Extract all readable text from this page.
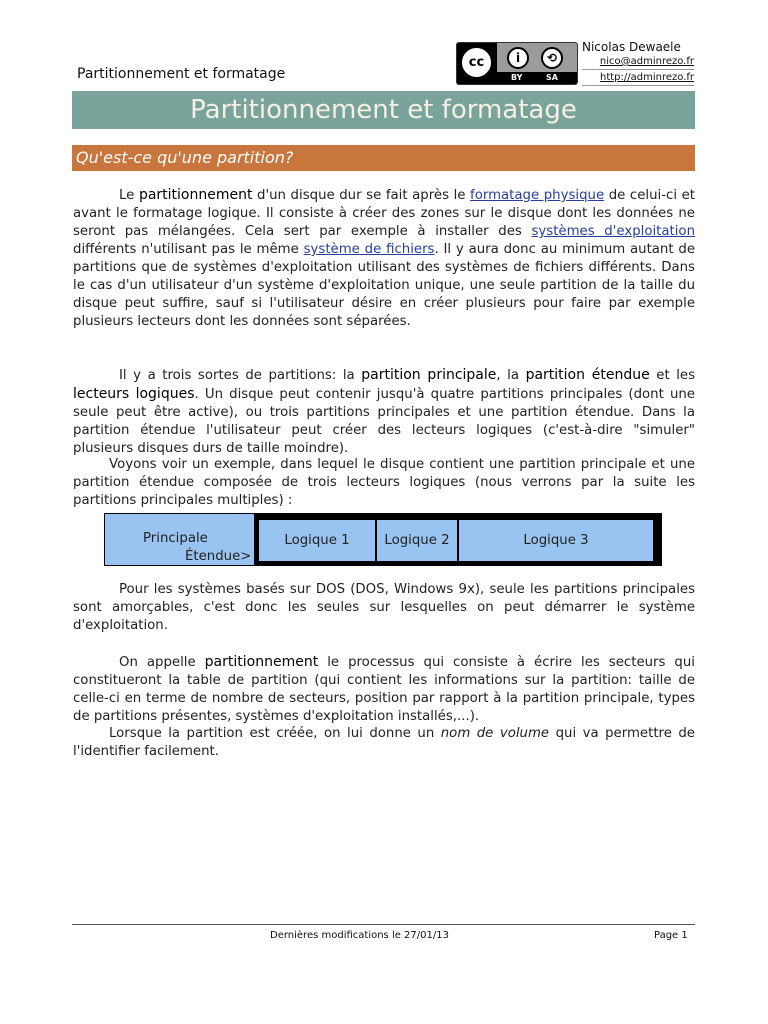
Partitionnement et formatage
cc	i	⟲
BY	SA
Nicolas Dewaele
nico@adminrezo.fr
http://adminrezo.fr
Partitionnement et formatage
Qu'est-ce qu'une partition?
Le partitionnement d'un disque dur se fait après le formatage physique de celui-ci et avant le formatage logique. Il consiste à créer des zones sur le disque dont les données ne seront pas mélangées. Cela sert par exemple à installer des systèmes d'exploitation différents n'utilisant pas le même système de fichiers. Il y aura donc au minimum autant de partitions que de systèmes d'exploitation utilisant des systèmes de fichiers différents. Dans le cas d'un utilisateur d'un système d'exploitation unique, une seule partition de la taille du disque peut suffire, sauf si l'utilisateur désire en créer plusieurs pour faire par exemple plusieurs lecteurs dont les données sont séparées.
Il y a trois sortes de partitions: la partition principale, la partition étendue et les lecteurs logiques. Un disque peut contenir jusqu'à quatre partitions principales (dont une seule peut être active), ou trois partitions principales et une partition étendue. Dans la partition étendue l'utilisateur peut créer des lecteurs logiques (c'est-à-dire "simuler" plusieurs disques durs de taille moindre).
Voyons voir un exemple, dans lequel le disque contient une partition principale et une partition étendue composée de trois lecteurs logiques (nous verrons par la suite les partitions principales multiples) :
Principale
Étendue>
Logique 1	Logique 2	Logique 3
Pour les systèmes basés sur DOS (DOS, Windows 9x), seule les partitions principales sont amorçables, c'est donc les seules sur lesquelles on peut démarrer le système d'exploitation.
On appelle partitionnement le processus qui consiste à écrire les secteurs qui constitueront la table de partition (qui contient les informations sur la partition: taille de celle-ci en terme de nombre de secteurs, position par rapport à la partition principale, types de partitions présentes, systèmes d'exploitation installés,...).
Lorsque la partition est créée, on lui donne un nom de volume qui va permettre de l'identifier facilement.
Dernières modifications le 27/01/13	Page 1
